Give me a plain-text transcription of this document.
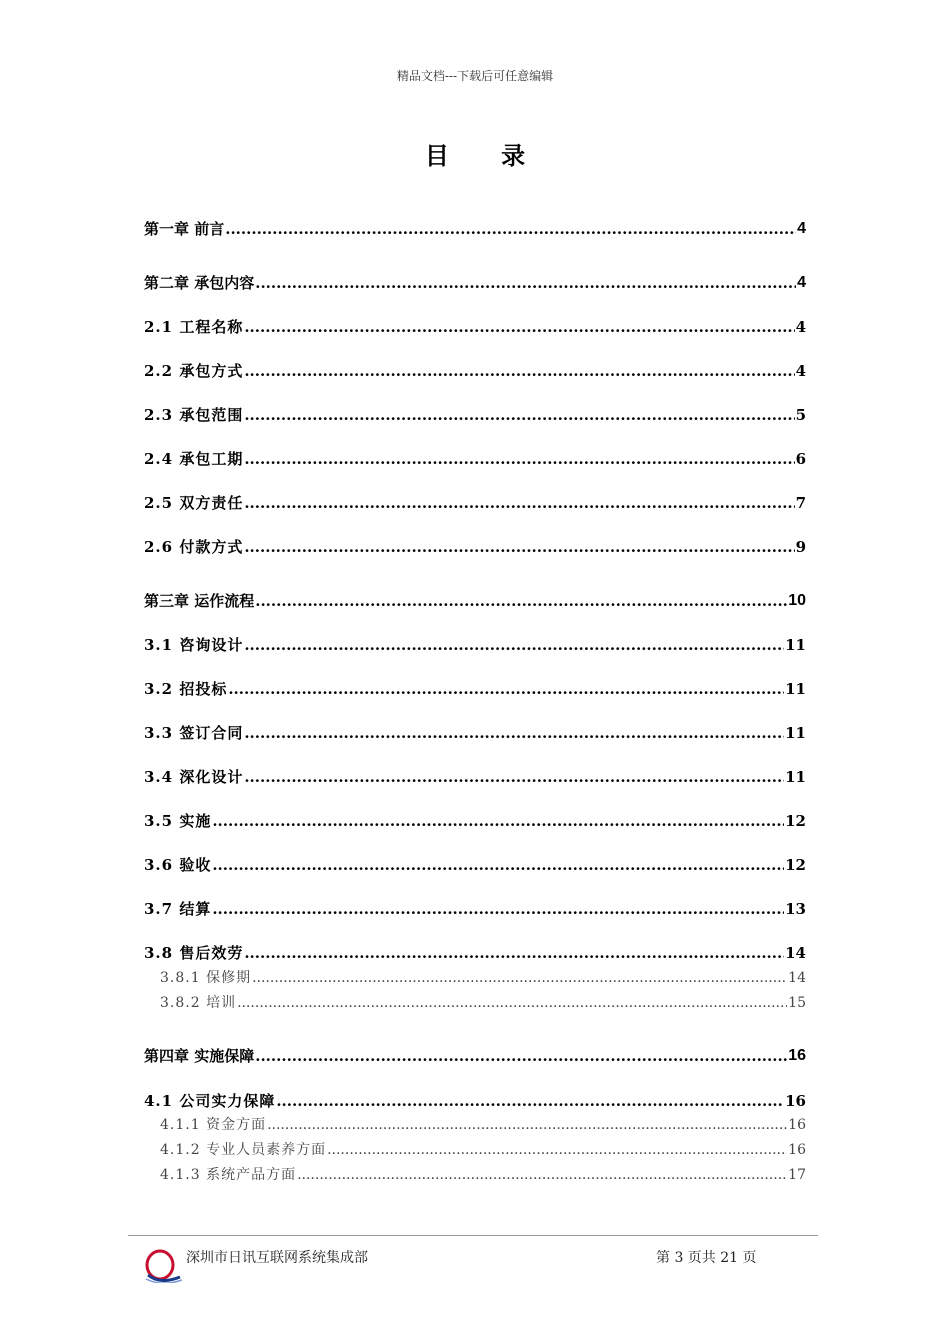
精品文档---下载后可任意编辑
目 录
第一章 前言 .....	4
第二章 承包内容 .....	4
2.1 工程名称 .....	4
2.2 承包方式 .....	4
2.3 承包范围 .....	5
2.4 承包工期 .....	6
2.5 双方责任 .....	7
2.6 付款方式 .....	9
第三章 运作流程 .....	10
3.1 咨询设计 .....	11
3.2 招投标 .....	11
3.3 签订合同 .....	11
3.4 深化设计 .....	11
3.5 实施 .....	12
3.6 验收 .....	12
3.7 结算 .....	13
3.8 售后效劳 .....	14
3.8.1 保修期 .....	14
3.8.2 培训 .....	15
第四章 实施保障 .....	16
4.1 公司实力保障 .....	16
4.1.1 资金方面 .....	16
4.1.2 专业人员素养方面 .....	16
4.1.3 系统产品方面 .....	17
深圳市日讯互联网系统集成部	第 3 页共 21 页
